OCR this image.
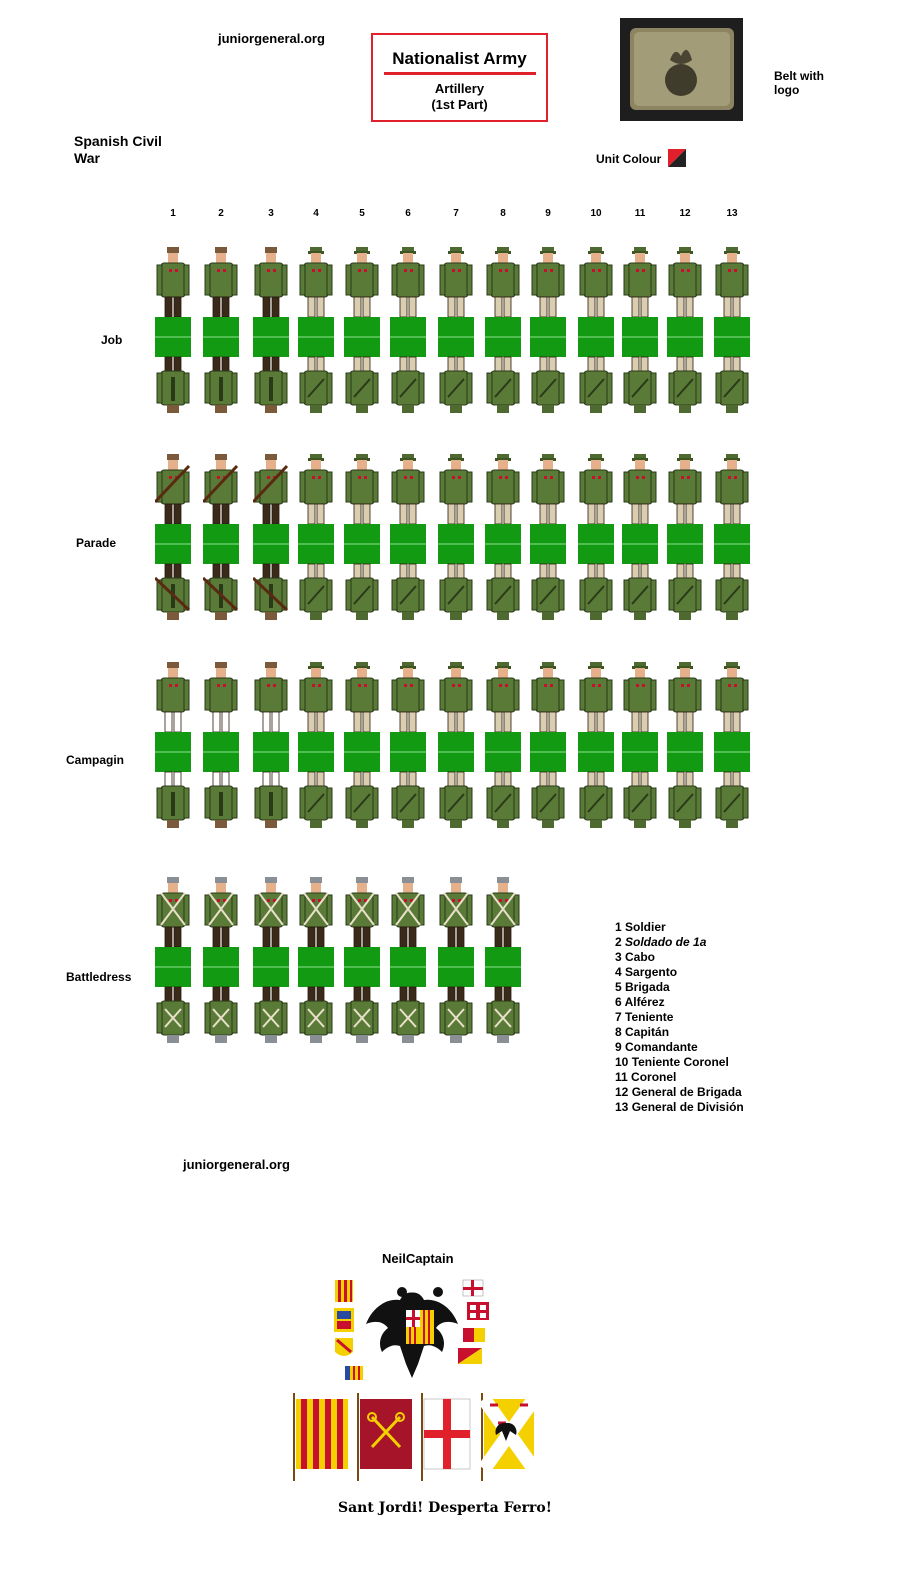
juniorgeneral.org
Nationalist Army
Artillery
(1st Part)
Belt with logo
Spanish Civil War	Unit Colour
1	2	3	4	5	6	7	8	9	10	11	12	13
Job
Parade
Campagin
Battledress
1 Soldier
2 Soldado de 1a
3 Cabo
4 Sargento
5 Brigada
6 Alférez
7 Teniente
8 Capitán
9 Comandante
10 Teniente Coronel
11 Coronel
12 General de Brigada
13 General de División
juniorgeneral.org
NeilCaptain
Sant Jordi! Desperta Ferro!
